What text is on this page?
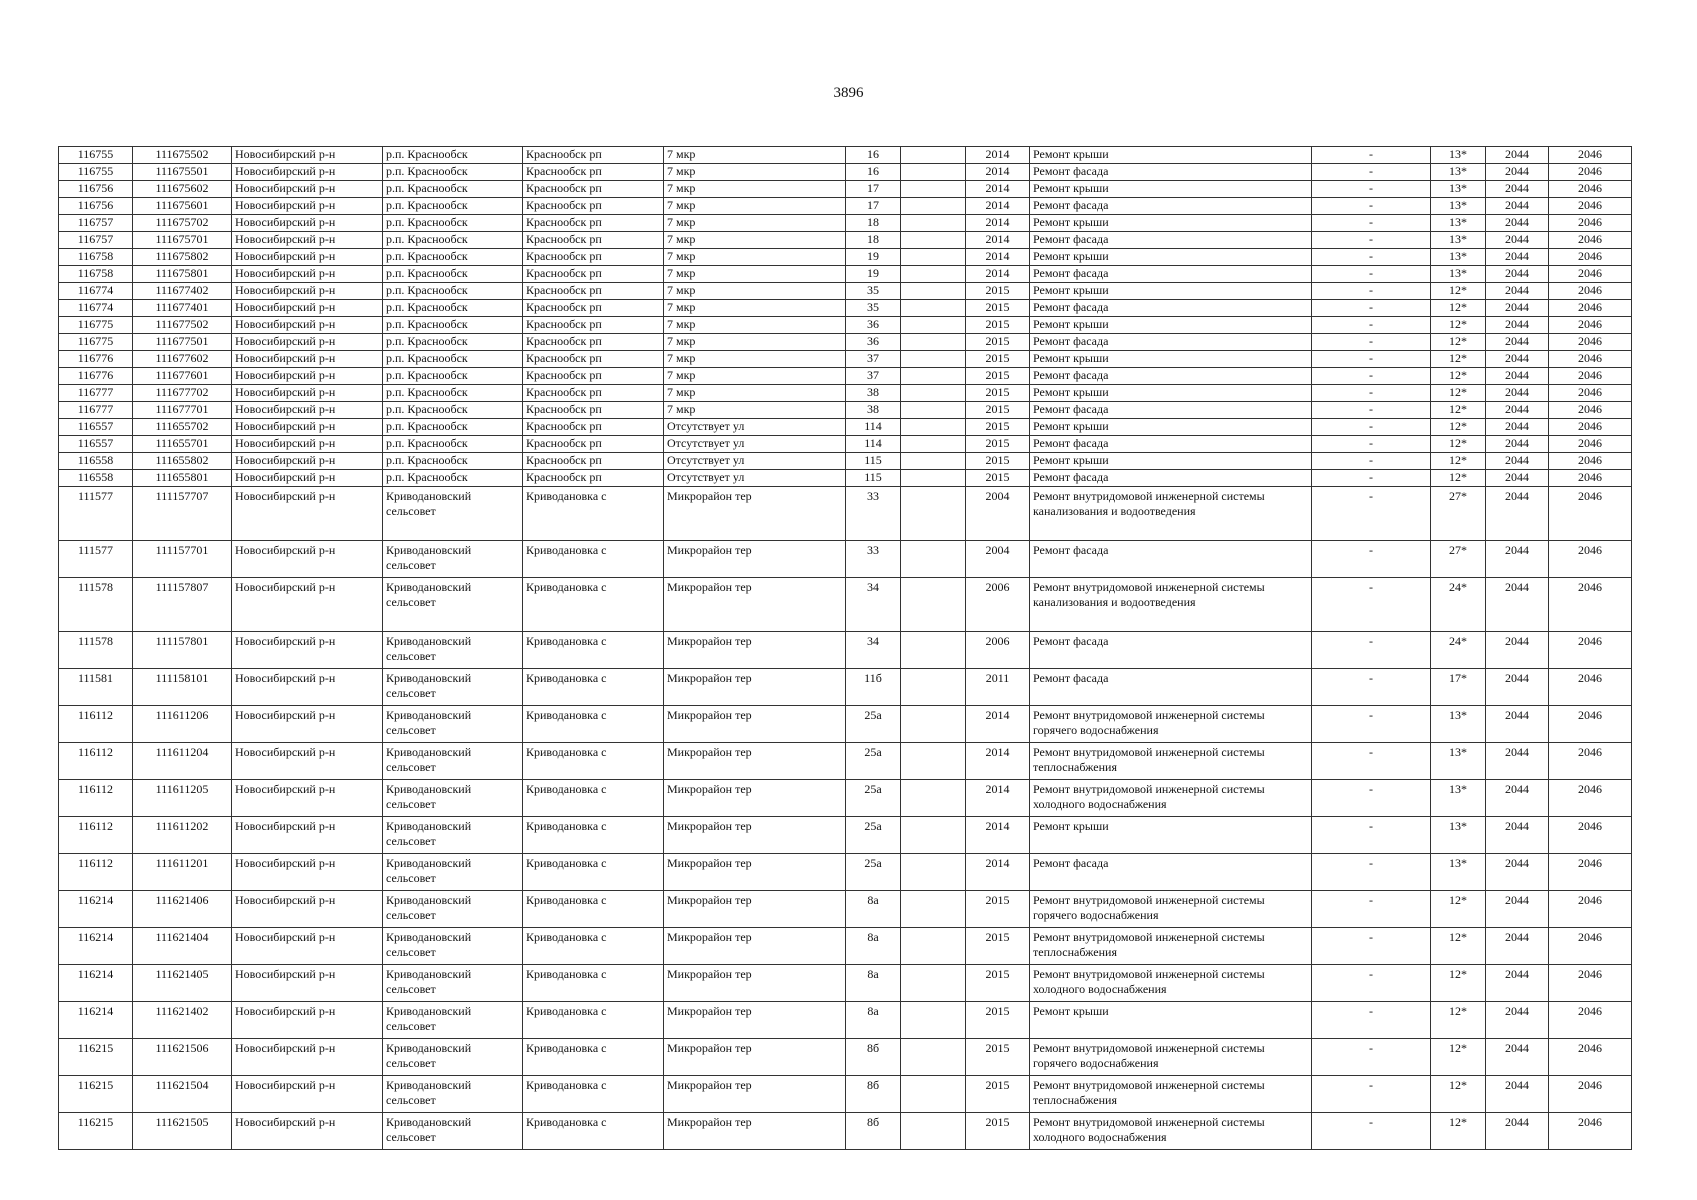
3896
116755	111675502	Новосибирский р-н	р.п. Краснообск	Краснообск рп	7 мкр	16		2014	Ремонт крыши	-	13*	2044	2046
116755	111675501	Новосибирский р-н	р.п. Краснообск	Краснообск рп	7 мкр	16		2014	Ремонт фасада	-	13*	2044	2046
116756	111675602	Новосибирский р-н	р.п. Краснообск	Краснообск рп	7 мкр	17		2014	Ремонт крыши	-	13*	2044	2046
116756	111675601	Новосибирский р-н	р.п. Краснообск	Краснообск рп	7 мкр	17		2014	Ремонт фасада	-	13*	2044	2046
116757	111675702	Новосибирский р-н	р.п. Краснообск	Краснообск рп	7 мкр	18		2014	Ремонт крыши	-	13*	2044	2046
116757	111675701	Новосибирский р-н	р.п. Краснообск	Краснообск рп	7 мкр	18		2014	Ремонт фасада	-	13*	2044	2046
116758	111675802	Новосибирский р-н	р.п. Краснообск	Краснообск рп	7 мкр	19		2014	Ремонт крыши	-	13*	2044	2046
116758	111675801	Новосибирский р-н	р.п. Краснообск	Краснообск рп	7 мкр	19		2014	Ремонт фасада	-	13*	2044	2046
116774	111677402	Новосибирский р-н	р.п. Краснообск	Краснообск рп	7 мкр	35		2015	Ремонт крыши	-	12*	2044	2046
116774	111677401	Новосибирский р-н	р.п. Краснообск	Краснообск рп	7 мкр	35		2015	Ремонт фасада	-	12*	2044	2046
116775	111677502	Новосибирский р-н	р.п. Краснообск	Краснообск рп	7 мкр	36		2015	Ремонт крыши	-	12*	2044	2046
116775	111677501	Новосибирский р-н	р.п. Краснообск	Краснообск рп	7 мкр	36		2015	Ремонт фасада	-	12*	2044	2046
116776	111677602	Новосибирский р-н	р.п. Краснообск	Краснообск рп	7 мкр	37		2015	Ремонт крыши	-	12*	2044	2046
116776	111677601	Новосибирский р-н	р.п. Краснообск	Краснообск рп	7 мкр	37		2015	Ремонт фасада	-	12*	2044	2046
116777	111677702	Новосибирский р-н	р.п. Краснообск	Краснообск рп	7 мкр	38		2015	Ремонт крыши	-	12*	2044	2046
116777	111677701	Новосибирский р-н	р.п. Краснообск	Краснообск рп	7 мкр	38		2015	Ремонт фасада	-	12*	2044	2046
116557	111655702	Новосибирский р-н	р.п. Краснообск	Краснообск рп	Отсутствует ул	114		2015	Ремонт крыши	-	12*	2044	2046
116557	111655701	Новосибирский р-н	р.п. Краснообск	Краснообск рп	Отсутствует ул	114		2015	Ремонт фасада	-	12*	2044	2046
116558	111655802	Новосибирский р-н	р.п. Краснообск	Краснообск рп	Отсутствует ул	115		2015	Ремонт крыши	-	12*	2044	2046
116558	111655801	Новосибирский р-н	р.п. Краснообск	Краснообск рп	Отсутствует ул	115		2015	Ремонт фасада	-	12*	2044	2046
111577	111157707	Новосибирский р-н	Криводановский сельсовет	Криводановка с	Микрорайон тер	33		2004	Ремонт внутридомовой инженерной системы канализования и водоотведения	-	27*	2044	2046
111577	111157701	Новосибирский р-н	Криводановский сельсовет	Криводановка с	Микрорайон тер	33		2004	Ремонт фасада	-	27*	2044	2046
111578	111157807	Новосибирский р-н	Криводановский сельсовет	Криводановка с	Микрорайон тер	34		2006	Ремонт внутридомовой инженерной системы канализования и водоотведения	-	24*	2044	2046
111578	111157801	Новосибирский р-н	Криводановский сельсовет	Криводановка с	Микрорайон тер	34		2006	Ремонт фасада	-	24*	2044	2046
111581	111158101	Новосибирский р-н	Криводановский сельсовет	Криводановка с	Микрорайон тер	11б		2011	Ремонт фасада	-	17*	2044	2046
116112	111611206	Новосибирский р-н	Криводановский сельсовет	Криводановка с	Микрорайон тер	25а		2014	Ремонт внутридомовой инженерной системы горячего водоснабжения	-	13*	2044	2046
116112	111611204	Новосибирский р-н	Криводановский сельсовет	Криводановка с	Микрорайон тер	25а		2014	Ремонт внутридомовой инженерной системы теплоснабжения	-	13*	2044	2046
116112	111611205	Новосибирский р-н	Криводановский сельсовет	Криводановка с	Микрорайон тер	25а		2014	Ремонт внутридомовой инженерной системы холодного водоснабжения	-	13*	2044	2046
116112	111611202	Новосибирский р-н	Криводановский сельсовет	Криводановка с	Микрорайон тер	25а		2014	Ремонт крыши	-	13*	2044	2046
116112	111611201	Новосибирский р-н	Криводановский сельсовет	Криводановка с	Микрорайон тер	25а		2014	Ремонт фасада	-	13*	2044	2046
116214	111621406	Новосибирский р-н	Криводановский сельсовет	Криводановка с	Микрорайон тер	8а		2015	Ремонт внутридомовой инженерной системы горячего водоснабжения	-	12*	2044	2046
116214	111621404	Новосибирский р-н	Криводановский сельсовет	Криводановка с	Микрорайон тер	8а		2015	Ремонт внутридомовой инженерной системы теплоснабжения	-	12*	2044	2046
116214	111621405	Новосибирский р-н	Криводановский сельсовет	Криводановка с	Микрорайон тер	8а		2015	Ремонт внутридомовой инженерной системы холодного водоснабжения	-	12*	2044	2046
116214	111621402	Новосибирский р-н	Криводановский сельсовет	Криводановка с	Микрорайон тер	8а		2015	Ремонт крыши	-	12*	2044	2046
116215	111621506	Новосибирский р-н	Криводановский сельсовет	Криводановка с	Микрорайон тер	8б		2015	Ремонт внутридомовой инженерной системы горячего водоснабжения	-	12*	2044	2046
116215	111621504	Новосибирский р-н	Криводановский сельсовет	Криводановка с	Микрорайон тер	8б		2015	Ремонт внутридомовой инженерной системы теплоснабжения	-	12*	2044	2046
116215	111621505	Новосибирский р-н	Криводановский сельсовет	Криводановка с	Микрорайон тер	8б		2015	Ремонт внутридомовой инженерной системы холодного водоснабжения	-	12*	2044	2046
